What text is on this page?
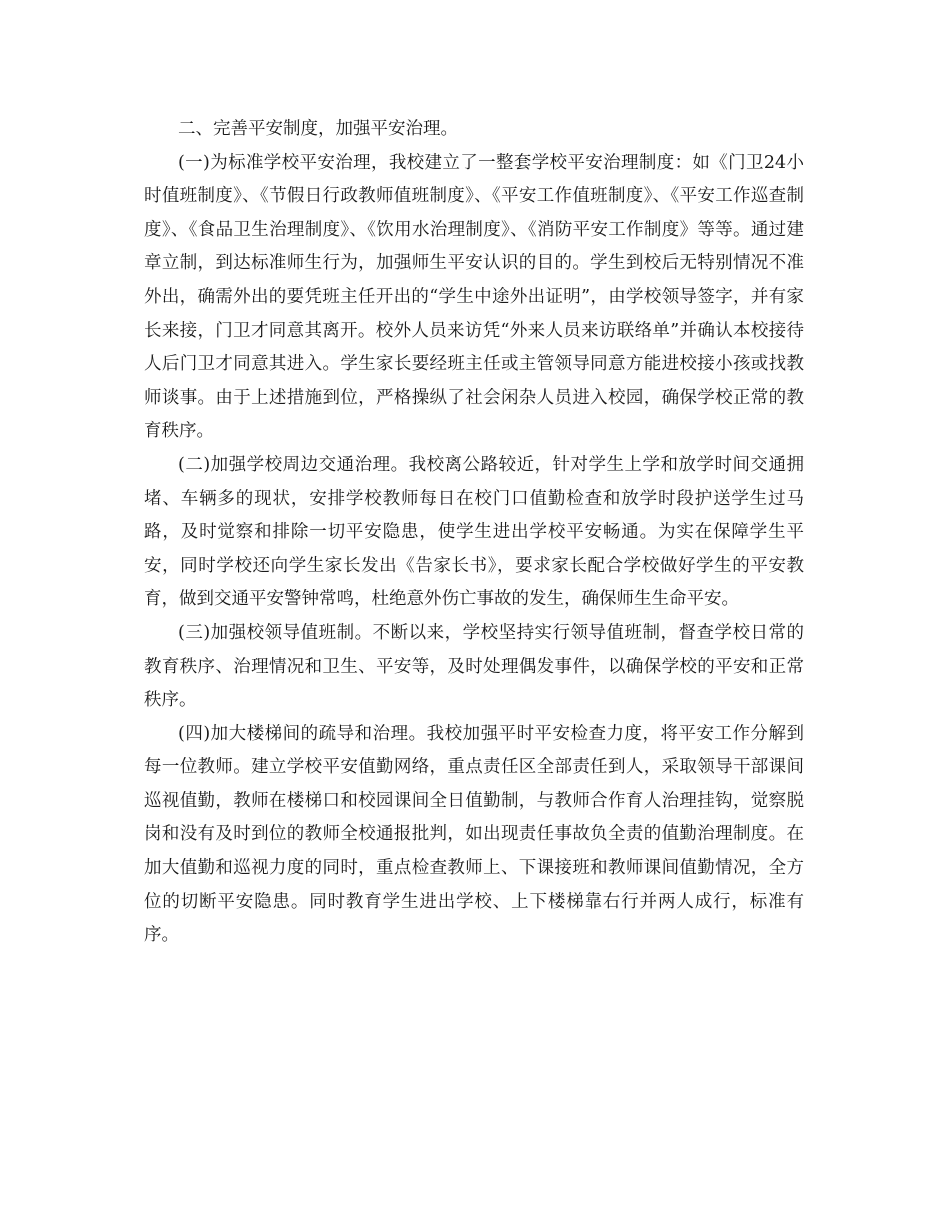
二、完善平安制度，加强平安治理。

(一)为标准学校平安治理，我校建立了一整套学校平安治理制度：如《门卫24小时值班制度》、《节假日行政教师值班制度》、《平安工作值班制度》、《平安工作巡查制度》、《食品卫生治理制度》、《饮用水治理制度》、《消防平安工作制度》等等。通过建章立制，到达标准师生行为，加强师生平安认识的目的。学生到校后无特别情况不准外出，确需外出的要凭班主任开出的“学生中途外出证明”，由学校领导签字，并有家长来接，门卫才同意其离开。校外人员来访凭“外来人员来访联络单”并确认本校接待人后门卫才同意其进入。学生家长要经班主任或主管领导同意方能进校接小孩或找教师谈事。由于上述措施到位，严格操纵了社会闲杂人员进入校园，确保学校正常的教育秩序。

(二)加强学校周边交通治理。我校离公路较近，针对学生上学和放学时间交通拥堵、车辆多的现状，安排学校教师每日在校门口值勤检查和放学时段护送学生过马路，及时觉察和排除一切平安隐患，使学生进出学校平安畅通。为实在保障学生平安，同时学校还向学生家长发出《告家长书》，要求家长配合学校做好学生的平安教育，做到交通平安警钟常鸣，杜绝意外伤亡事故的发生，确保师生生命平安。

(三)加强校领导值班制。不断以来，学校坚持实行领导值班制，督查学校日常的教育秩序、治理情况和卫生、平安等，及时处理偶发事件，以确保学校的平安和正常秩序。

(四)加大楼梯间的疏导和治理。我校加强平时平安检查力度，将平安工作分解到每一位教师。建立学校平安值勤网络，重点责任区全部责任到人，采取领导干部课间巡视值勤，教师在楼梯口和校园课间全日值勤制，与教师合作育人治理挂钩，觉察脱岗和没有及时到位的教师全校通报批判，如出现责任事故负全责的值勤治理制度。在加大值勤和巡视力度的同时，重点检查教师上、下课接班和教师课间值勤情况，全方位的切断平安隐患。同时教育学生进出学校、上下楼梯靠右行并两人成行，标准有序。
